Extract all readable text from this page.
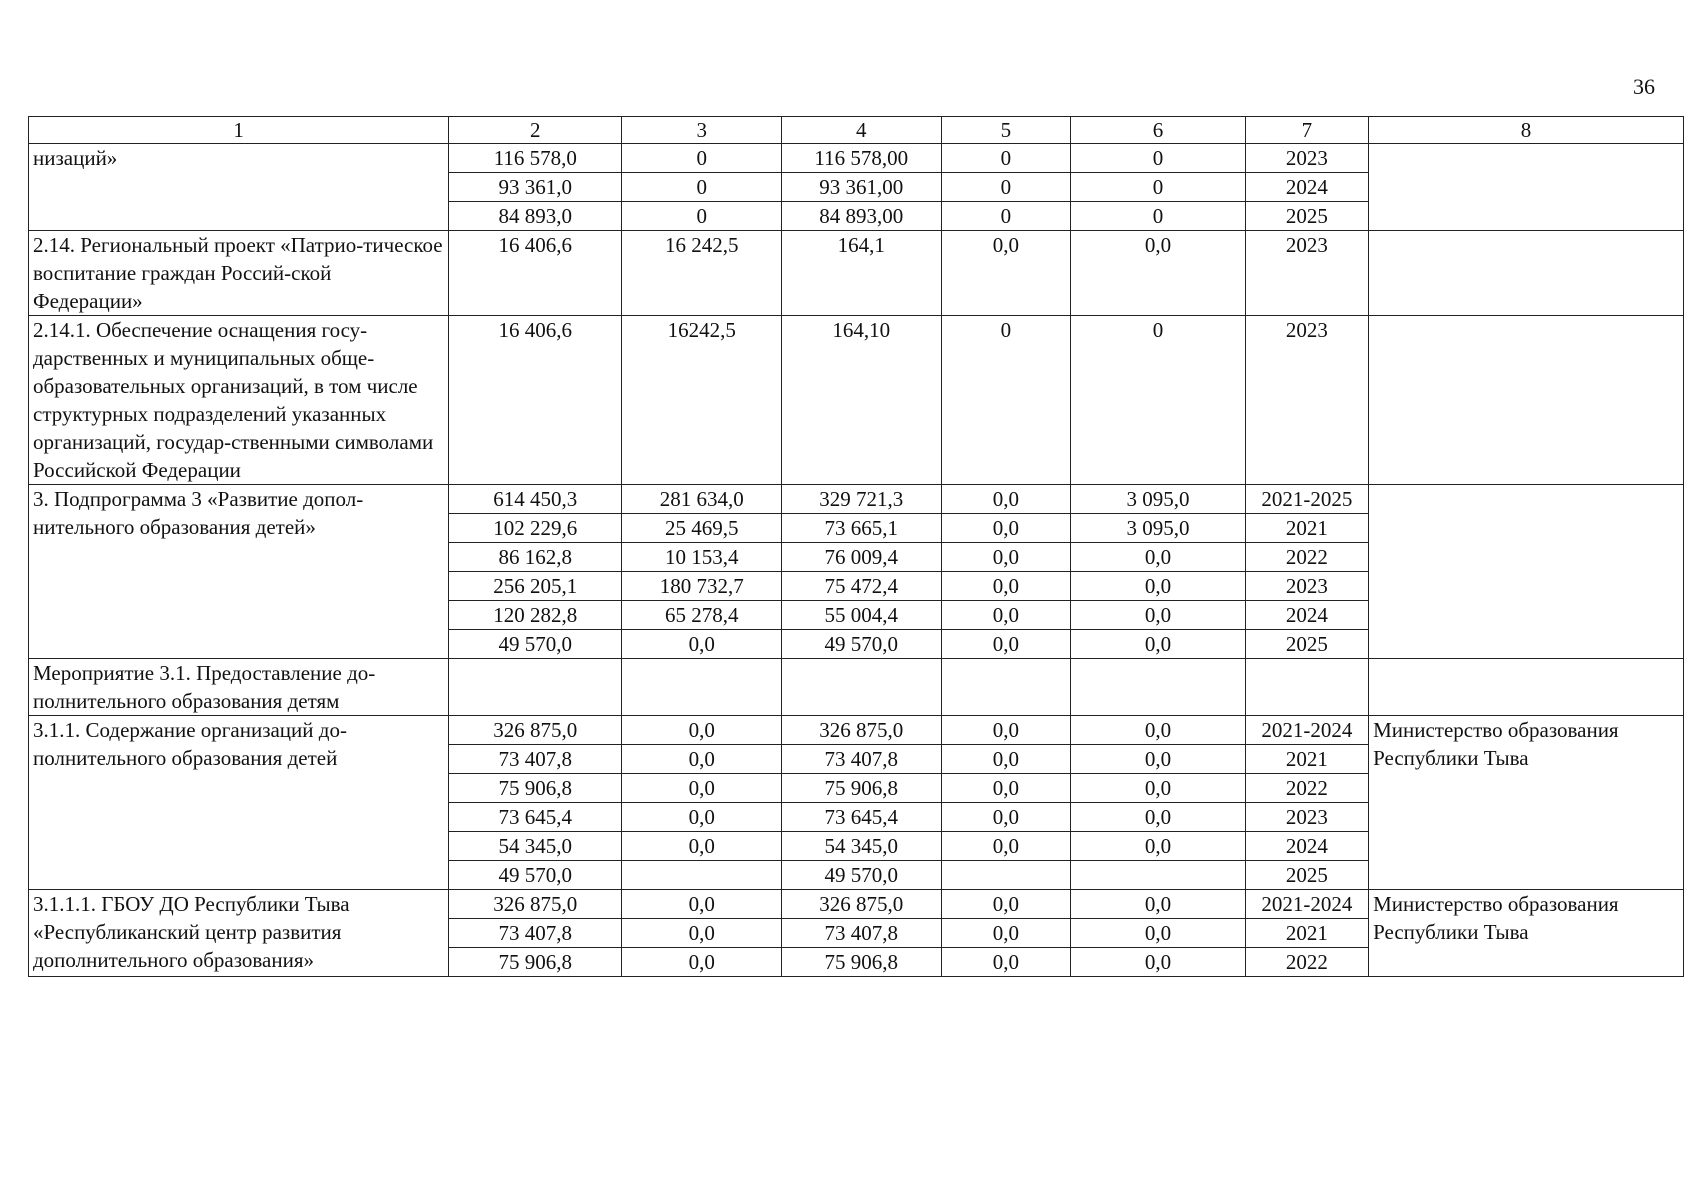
36
1	2	3	4	5	6	7	8
низаций»	116 578,0	0	116 578,00	0	0	2023	
	93 361,0	0	93 361,00	0	0	2024	
	84 893,0	0	84 893,00	0	0	2025	
2.14. Региональный проект «Патрио-тическое воспитание граждан Россий-ской Федерации»	16 406,6	16 242,5	164,1	0,0	0,0	2023	
2.14.1. Обеспечение оснащения госу-дарственных и муниципальных обще-образовательных организаций, в том числе структурных подразделений указанных организаций, государ-ственными символами Российской Федерации	16 406,6	16242,5	164,10	0	0	2023	
3. Подпрограмма 3 «Развитие допол-нительного образования детей»	614 450,3	281 634,0	329 721,3	0,0	3 095,0	2021-2025	
	102 229,6	25 469,5	73 665,1	0,0	3 095,0	2021	
	86 162,8	10 153,4	76 009,4	0,0	0,0	2022	
	256 205,1	180 732,7	75 472,4	0,0	0,0	2023	
	120 282,8	65 278,4	55 004,4	0,0	0,0	2024	
	49 570,0	0,0	49 570,0	0,0	0,0	2025	
Мероприятие 3.1. Предоставление до-полнительного образования детям							
3.1.1. Содержание организаций до-полнительного образования детей	326 875,0	0,0	326 875,0	0,0	0,0	2021-2024	Министерство образования Республики Тыва
	73 407,8	0,0	73 407,8	0,0	0,0	2021	
	75 906,8	0,0	75 906,8	0,0	0,0	2022	
	73 645,4	0,0	73 645,4	0,0	0,0	2023	
	54 345,0	0,0	54 345,0	0,0	0,0	2024	
	49 570,0		49 570,0			2025	
3.1.1.1. ГБОУ ДО Республики Тыва «Республиканский центр развития дополнительного образования»	326 875,0	0,0	326 875,0	0,0	0,0	2021-2024	Министерство образования Республики Тыва
	73 407,8	0,0	73 407,8	0,0	0,0	2021	
	75 906,8	0,0	75 906,8	0,0	0,0	2022	
